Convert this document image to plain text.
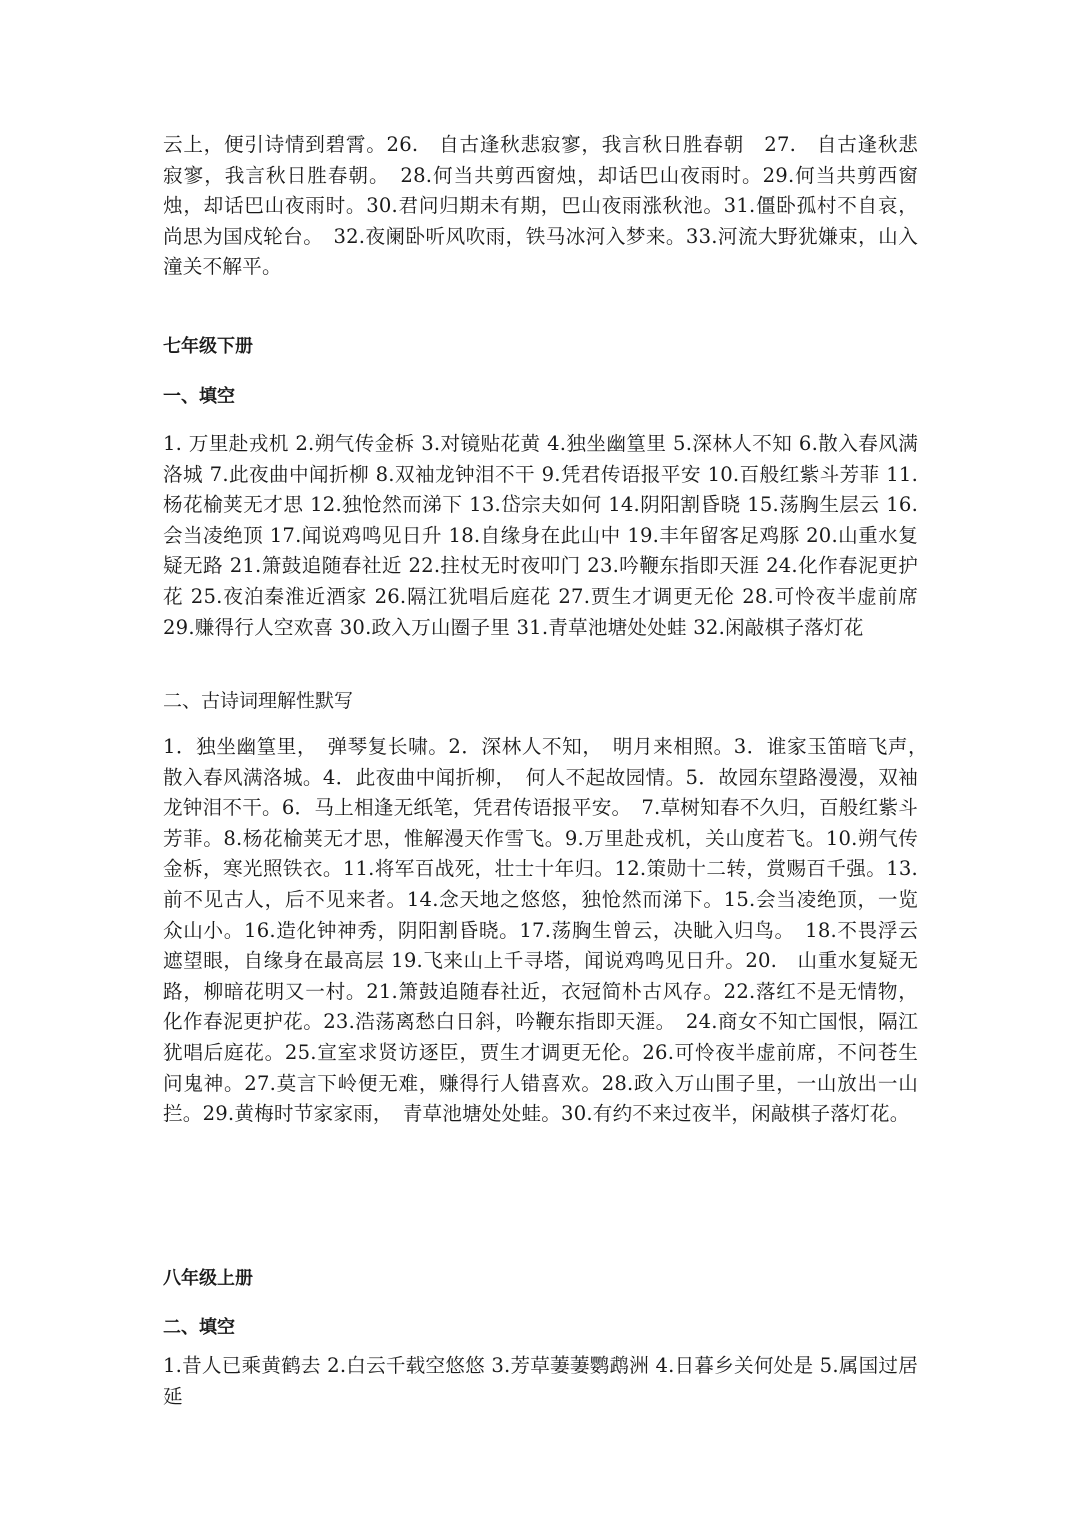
云上，便引诗情到碧霄。26.　自古逢秋悲寂寥，我言秋日胜春朝　27.　自古逢秋悲寂寥，我言秋日胜春朝。　28.何当共剪西窗烛，却话巴山夜雨时。29.何当共剪西窗烛，却话巴山夜雨时。30.君问归期未有期，巴山夜雨涨秋池。31.僵卧孤村不自哀，尚思为国戍轮台。　32.夜阑卧听风吹雨，铁马冰河入梦来。33.河流大野犹嫌束，山入潼关不解平。

七年级下册

一、填空

1. 万里赴戎机 2.朔气传金柝 3.对镜贴花黄 4.独坐幽篁里 5.深林人不知 6.散入春风满洛城 7.此夜曲中闻折柳 8.双袖龙钟泪不干 9.凭君传语报平安 10.百般红紫斗芳菲 11.杨花榆荚无才思 12.独怆然而涕下 13.岱宗夫如何 14.阴阳割昏晓 15.荡胸生层云 16.会当凌绝顶 17.闻说鸡鸣见日升 18.自缘身在此山中 19.丰年留客足鸡豚 20.山重水复疑无路 21.箫鼓追随春社近 22.拄杖无时夜叩门 23.吟鞭东指即天涯 24.化作春泥更护花 25.夜泊秦淮近酒家 26.隔江犹唱后庭花 27.贾生才调更无伦 28.可怜夜半虚前席 29.赚得行人空欢喜 30.政入万山圈子里 31.青草池塘处处蛙 32.闲敲棋子落灯花

二、古诗词理解性默写

1．独坐幽篁里，　弹琴复长啸。2．深林人不知，　明月来相照。3．谁家玉笛暗飞声，　散入春风满洛城。4．此夜曲中闻折柳，　何人不起故园情。5．故园东望路漫漫，双袖龙钟泪不干。6．马上相逢无纸笔，凭君传语报平安。　7.草树知春不久归，百般红紫斗芳菲。8.杨花榆荚无才思，惟解漫天作雪飞。9.万里赴戎机，关山度若飞。10.朔气传金柝，寒光照铁衣。11.将军百战死，壮士十年归。12.策勋十二转，赏赐百千强。13.前不见古人，后不见来者。14.念天地之悠悠，独怆然而涕下。15.会当凌绝顶，一览众山小。16.造化钟神秀，阴阳割昏晓。17.荡胸生曾云，决眦入归鸟。　18.不畏浮云遮望眼，自缘身在最高层 19.飞来山上千寻塔，闻说鸡鸣见日升。20.　山重水复疑无路，柳暗花明又一村。21.箫鼓追随春社近，衣冠简朴古风存。22.落红不是无情物，化作春泥更护花。23.浩荡离愁白日斜，吟鞭东指即天涯。　24.商女不知亡国恨，隔江犹唱后庭花。25.宣室求贤访逐臣，贾生才调更无伦。26.可怜夜半虚前席，不问苍生问鬼神。27.莫言下岭便无难，赚得行人错喜欢。28.政入万山围子里，一山放出一山拦。29.黄梅时节家家雨，　青草池塘处处蛙。30.有约不来过夜半，闲敲棋子落灯花。

八年级上册

二、填空

1.昔人已乘黄鹤去 2.白云千载空悠悠 3.芳草萋萋鹦鹉洲 4.日暮乡关何处是 5.属国过居延
